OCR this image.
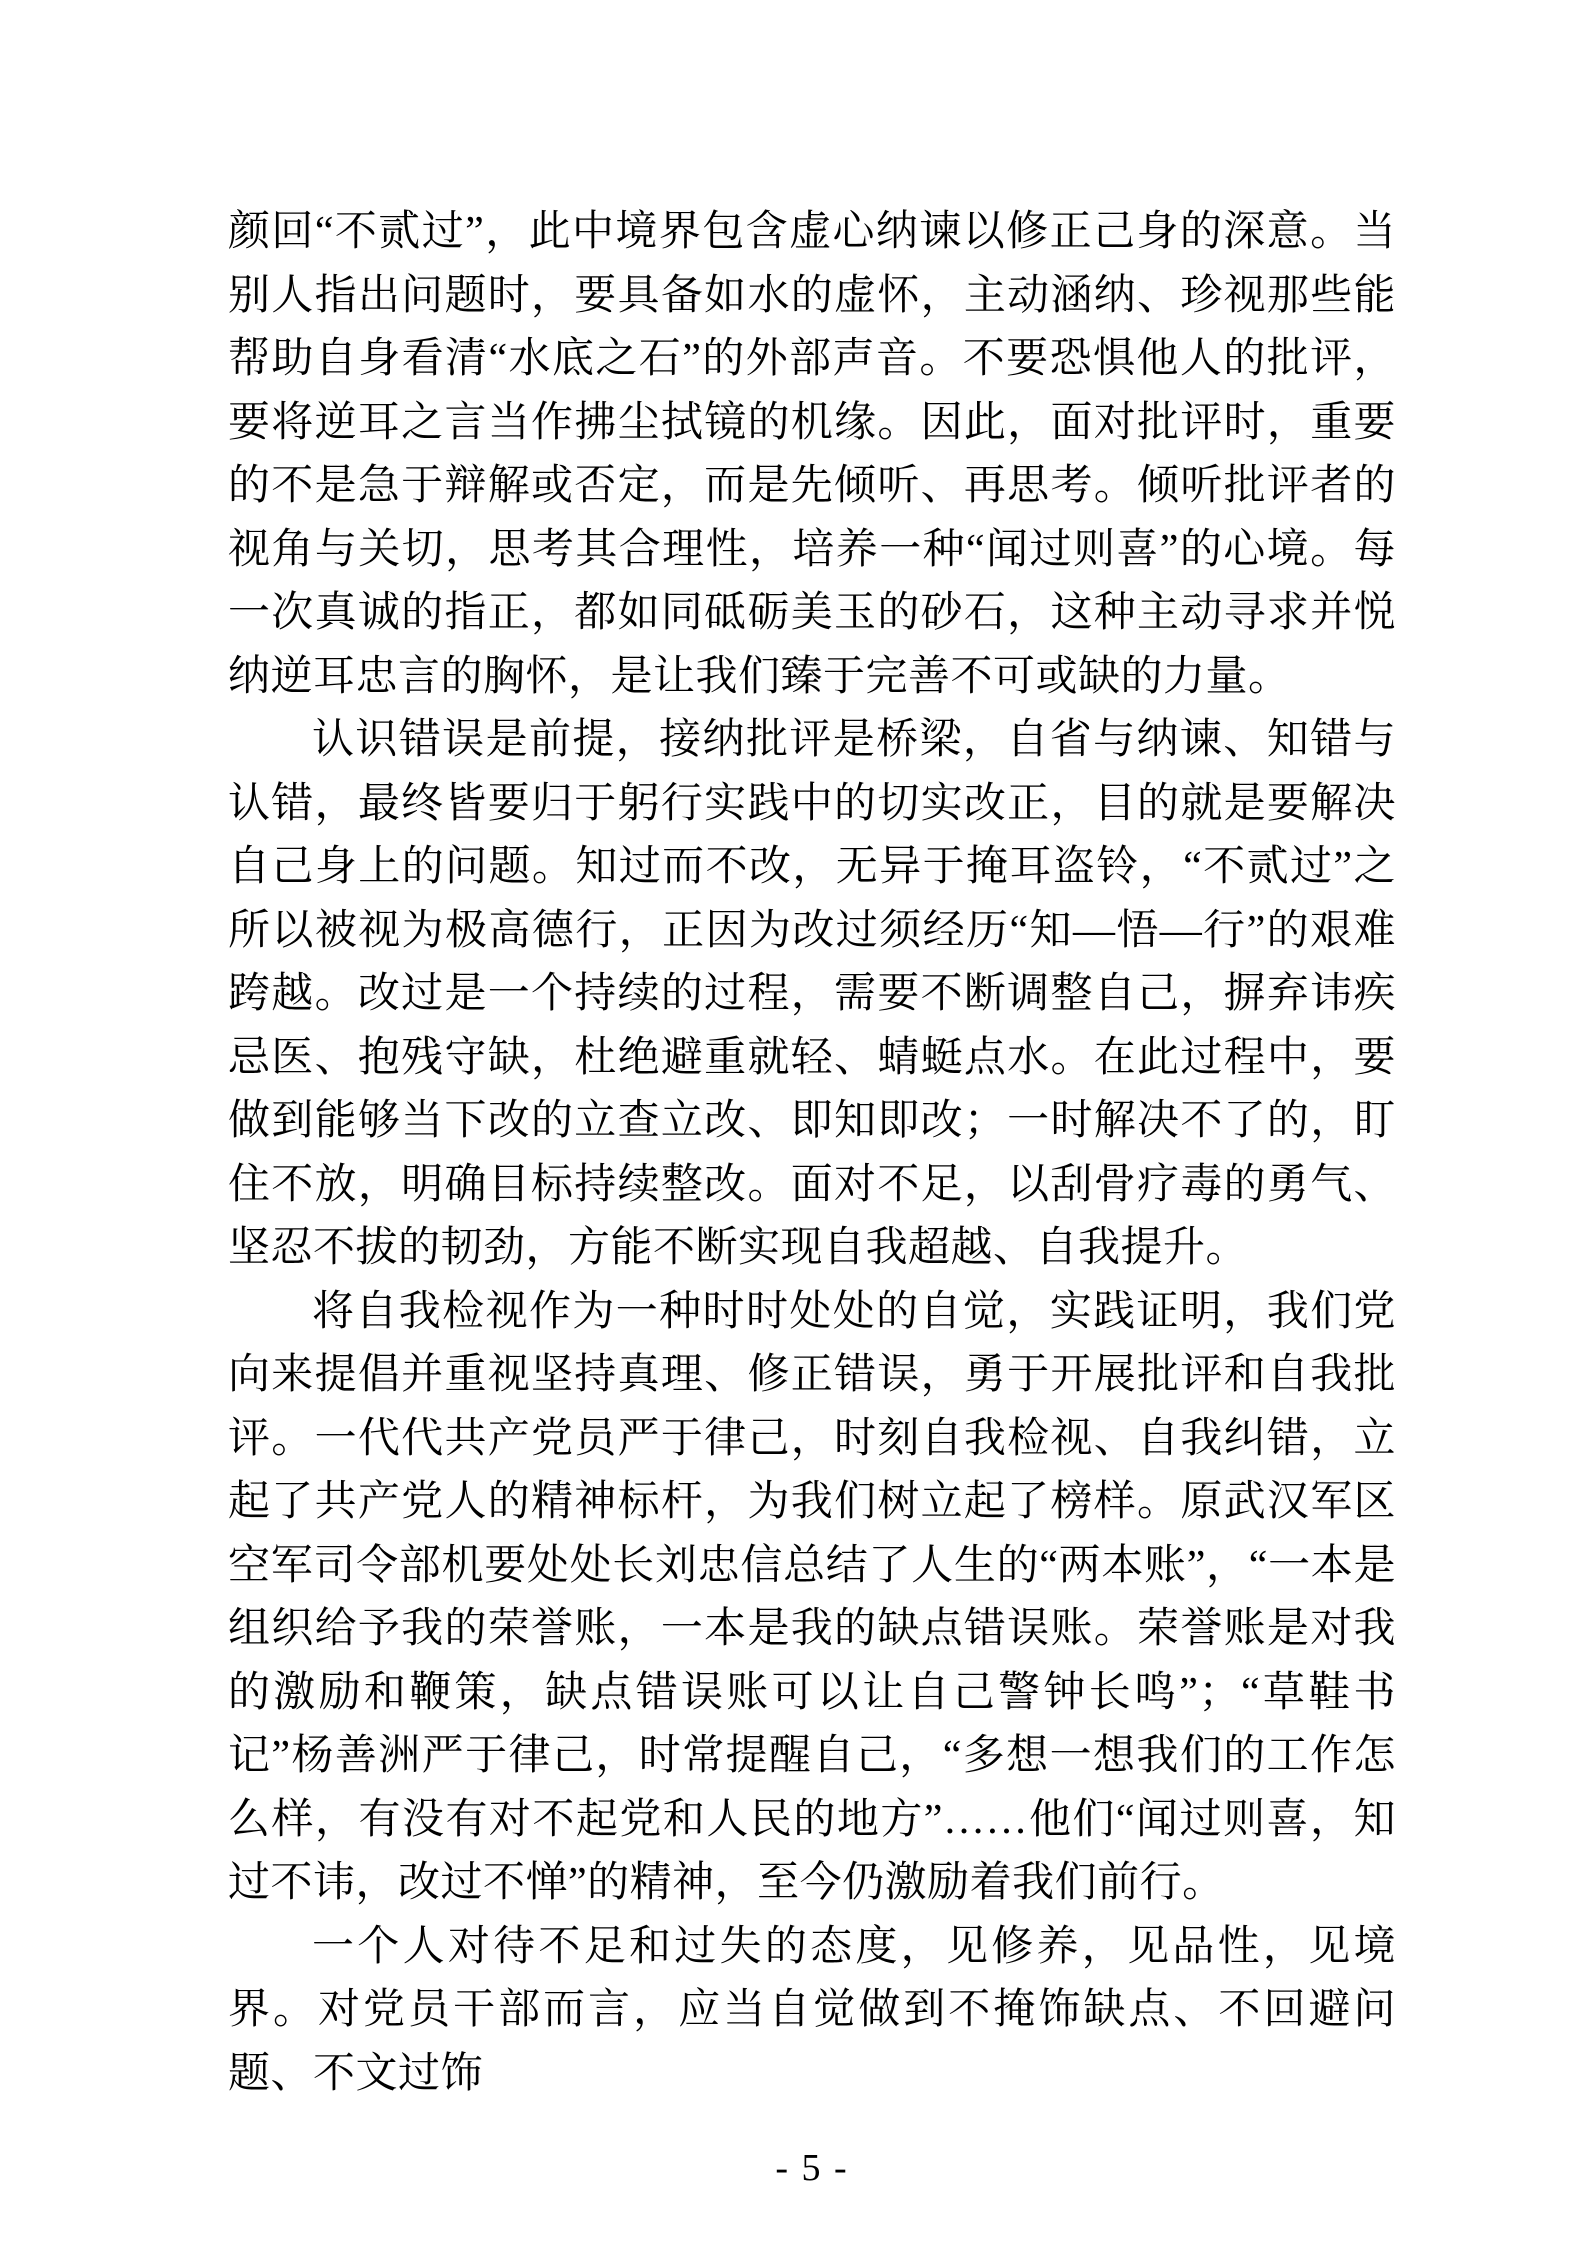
颜回“不贰过”，此中境界包含虚心纳谏以修正己身的深意。当别人指出问题时，要具备如水的虚怀，主动涵纳、珍视那些能帮助自身看清“水底之石”的外部声音。不要恐惧他人的批评，要将逆耳之言当作拂尘拭镜的机缘。因此，面对批评时，重要的不是急于辩解或否定，而是先倾听、再思考。倾听批评者的视角与关切，思考其合理性，培养一种“闻过则喜”的心境。每一次真诚的指正，都如同砥砺美玉的砂石，这种主动寻求并悦纳逆耳忠言的胸怀，是让我们臻于完善不可或缺的力量。

认识错误是前提，接纳批评是桥梁，自省与纳谏、知错与认错，最终皆要归于躬行实践中的切实改正，目的就是要解决自己身上的问题。知过而不改，无异于掩耳盗铃，“不贰过”之所以被视为极高德行，正因为改过须经历“知—悟—行”的艰难跨越。改过是一个持续的过程，需要不断调整自己，摒弃讳疾忌医、抱残守缺，杜绝避重就轻、蜻蜓点水。在此过程中，要做到能够当下改的立查立改、即知即改；一时解决不了的，盯住不放，明确目标持续整改。面对不足，以刮骨疗毒的勇气、坚忍不拔的韧劲，方能不断实现自我超越、自我提升。

将自我检视作为一种时时处处的自觉，实践证明，我们党向来提倡并重视坚持真理、修正错误，勇于开展批评和自我批评。一代代共产党员严于律己，时刻自我检视、自我纠错，立起了共产党人的精神标杆，为我们树立起了榜样。原武汉军区空军司令部机要处处长刘忠信总结了人生的“两本账”，“一本是组织给予我的荣誉账，一本是我的缺点错误账。荣誉账是对我的激励和鞭策，缺点错误账可以让自己警钟长鸣”；“草鞋书记”杨善洲严于律己，时常提醒自己，“多想一想我们的工作怎么样，有没有对不起党和人民的地方”……他们“闻过则喜，知过不讳，改过不惮”的精神，至今仍激励着我们前行。

一个人对待不足和过失的态度，见修养，见品性，见境界。对党员干部而言，应当自觉做到不掩饰缺点、不回避问题、不文过饰

- 5 -
